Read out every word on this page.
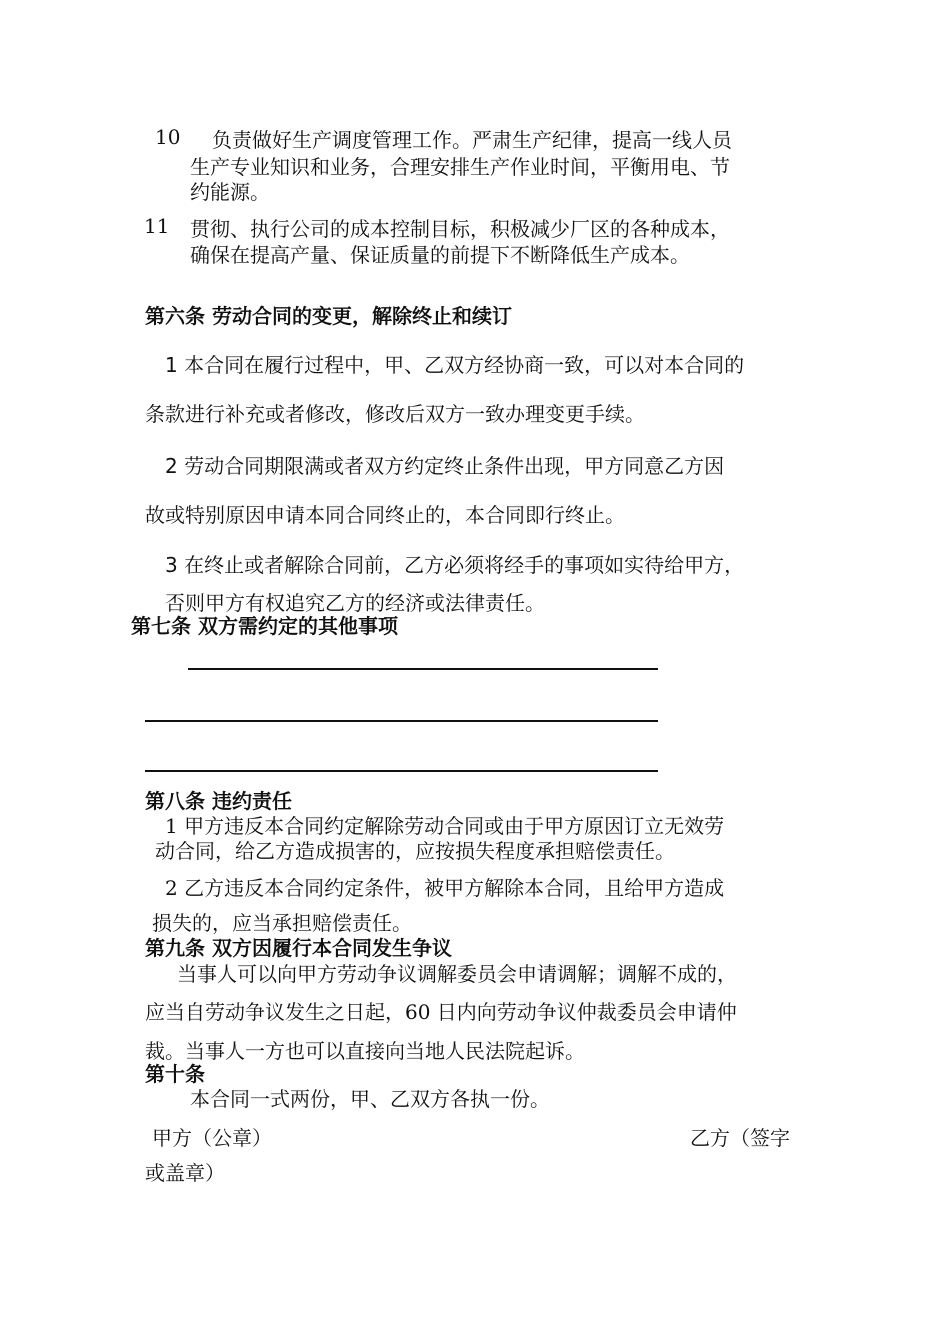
10 负责做好生产调度管理工作。严肃生产纪律，提高一线人员
生产专业知识和业务，合理安排生产作业时间，平衡用电、节
约能源。
11 贯彻、执行公司的成本控制目标，积极减少厂区的各种成本，
确保在提高产量、保证质量的前提下不断降低生产成本。
第六条 劳动合同的变更，解除终止和续订
1 本合同在履行过程中，甲、乙双方经协商一致，可以对本合同的
条款进行补充或者修改，修改后双方一致办理变更手续。
2 劳动合同期限满或者双方约定终止条件出现，甲方同意乙方因
故或特别原因申请本同合同终止的，本合同即行终止。
3 在终止或者解除合同前，乙方必须将经手的事项如实待给甲方，
否则甲方有权追究乙方的经济或法律责任。
第七条 双方需约定的其他事项
第八条 违约责任
1 甲方违反本合同约定解除劳动合同或由于甲方原因订立无效劳
动合同，给乙方造成损害的，应按损失程度承担赔偿责任。
2 乙方违反本合同约定条件，被甲方解除本合同，且给甲方造成
损失的，应当承担赔偿责任。
第九条 双方因履行本合同发生争议
当事人可以向甲方劳动争议调解委员会申请调解；调解不成的，
应当自劳动争议发生之日起，60 日内向劳动争议仲裁委员会申请仲
裁。当事人一方也可以直接向当地人民法院起诉。
第十条
本合同一式两份，甲、乙双方各执一份。
甲方（公章）	乙方（签字
或盖章）
